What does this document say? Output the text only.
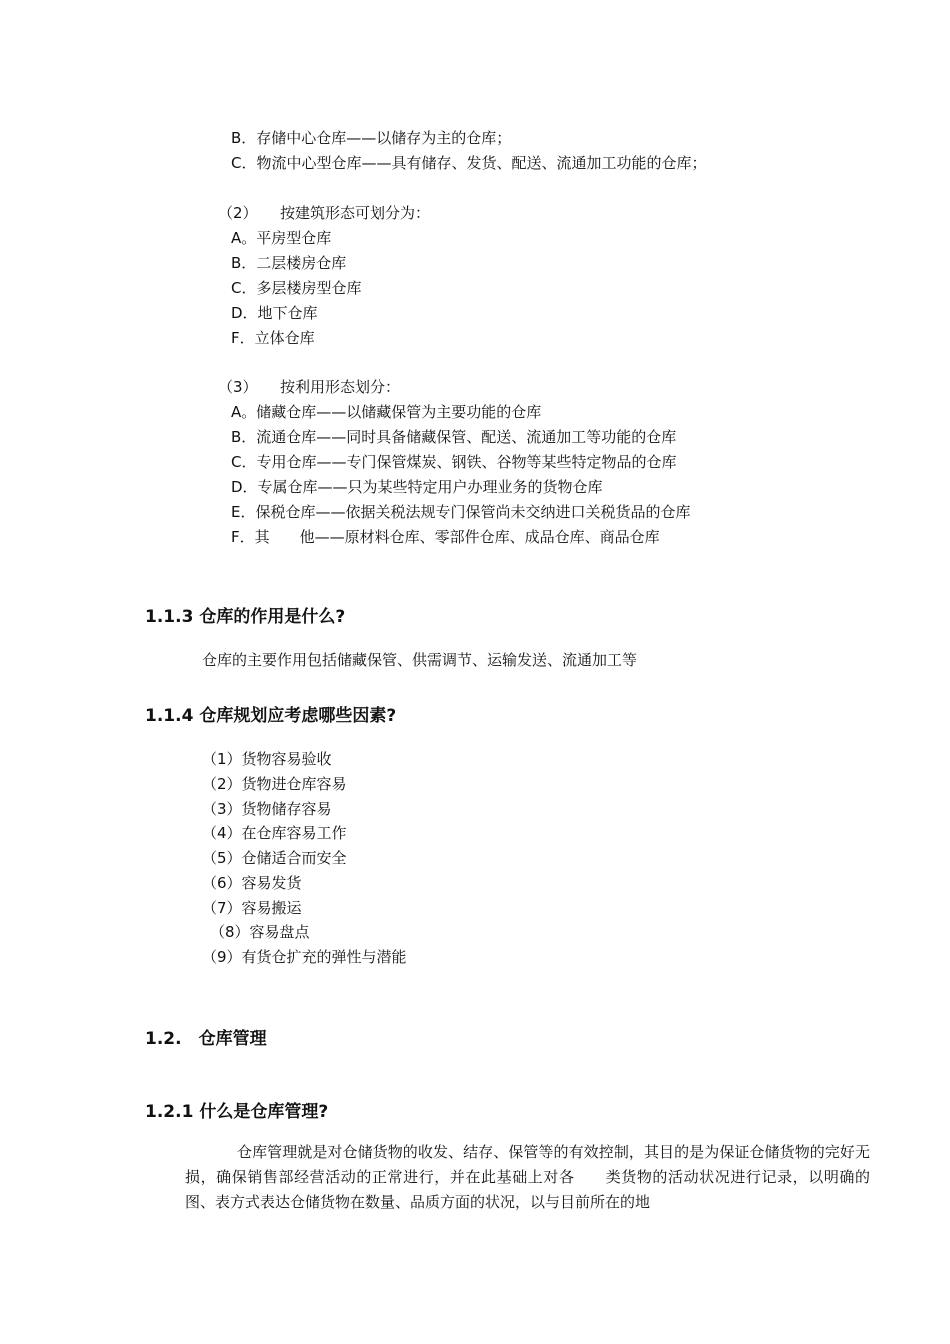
B．存储中心仓库——以储存为主的仓库；
C．物流中心型仓库——具有储存、发货、配送、流通加工功能的仓库；
（2）　　按建筑形态可划分为：
A。平房型仓库
B．二层楼房仓库
C．多层楼房型仓库
D．地下仓库
F．立体仓库
（3）　　按利用形态划分：
A。储藏仓库——以储藏保管为主要功能的仓库
B．流通仓库——同时具备储藏保管、配送、流通加工等功能的仓库
C．专用仓库——专门保管煤炭、钢铁、谷物等某些特定物品的仓库
D．专属仓库——只为某些特定用户办理业务的货物仓库
E．保税仓库——依据关税法规专门保管尚未交纳进口关税货品的仓库
F．其　　他——原材料仓库、零部件仓库、成品仓库、商品仓库
1.1.3 仓库的作用是什么?
仓库的主要作用包括储藏保管、供需调节、运输发送、流通加工等
1.1.4 仓库规划应考虑哪些因素?
（1）货物容易验收
（2）货物进仓库容易
（3）货物储存容易
（4）在仓库容易工作
（5）仓储适合而安全
（6）容易发货
（7）容易搬运
（8）容易盘点
（9）有货仓扩充的弹性与潜能
1.2.　仓库管理
1.2.1 什么是仓库管理?
仓库管理就是对仓储货物的收发、结存、保管等的有效控制，其目的是为保证仓储货物的完好无损，确保销售部经营活动的正常进行，并在此基础上对各　　类货物的活动状况进行记录，以明确的图、表方式表达仓储货物在数量、品质方面的状况，以与目前所在的地
